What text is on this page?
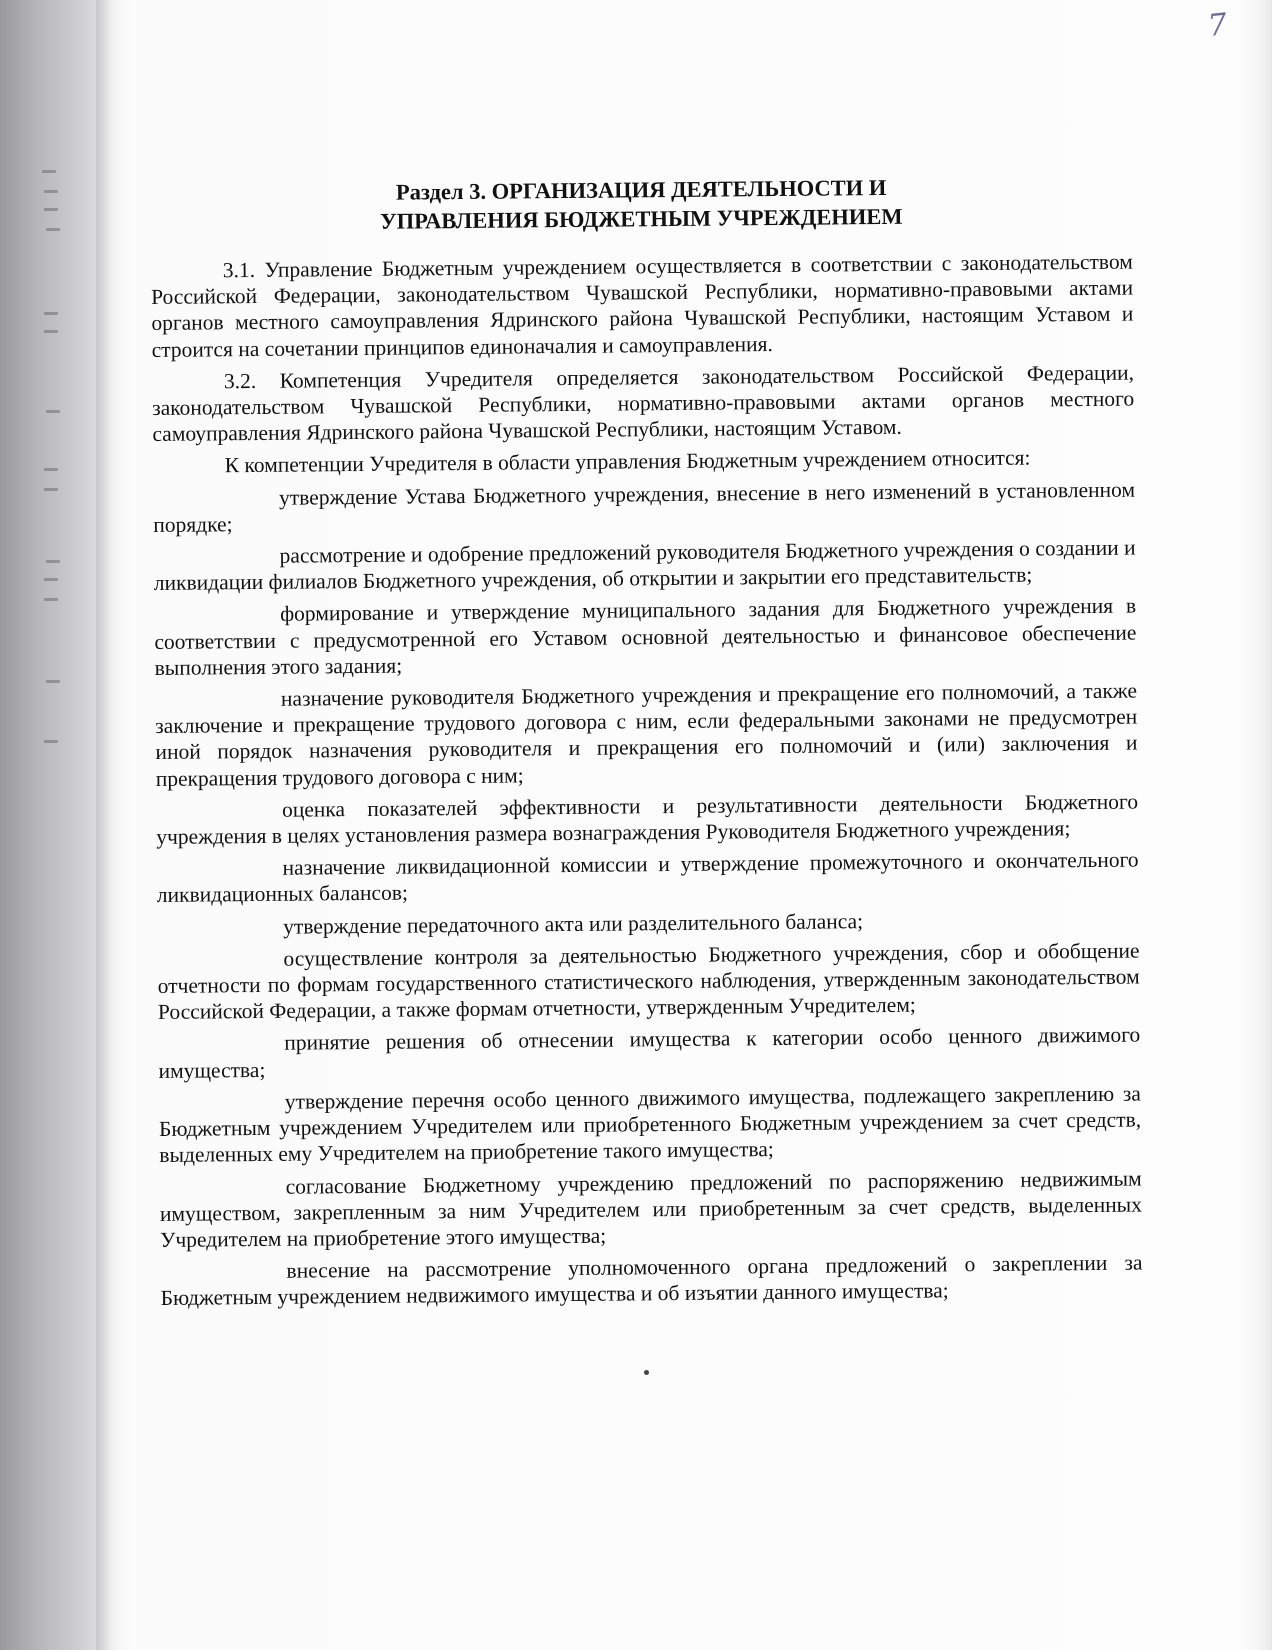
7
Раздел 3. ОРГАНИЗАЦИЯ ДЕЯТЕЛЬНОСТИ И
УПРАВЛЕНИЯ БЮДЖЕТНЫМ УЧРЕЖДЕНИЕМ
3.1. Управление Бюджетным учреждением осуществляется в соответствии с законодательством Российской Федерации, законодательством Чувашской Республики, нормативно-правовыми актами органов местного самоуправления Ядринского района Чувашской Республики, настоящим Уставом и строится на сочетании принципов единоначалия и самоуправления.
3.2. Компетенция Учредителя определяется законодательством Российской Федерации, законодательством Чувашской Республики, нормативно-правовыми актами органов местного самоуправления Ядринского района Чувашской Республики, настоящим Уставом.
К компетенции Учредителя в области управления Бюджетным учреждением относится:
утверждение Устава Бюджетного учреждения, внесение в него изменений в установленном порядке;
рассмотрение и одобрение предложений руководителя Бюджетного учреждения о создании и ликвидации филиалов Бюджетного учреждения, об открытии и закрытии его представительств;
формирование и утверждение муниципального задания для Бюджетного учреждения в соответствии с предусмотренной его Уставом основной деятельностью и финансовое обеспечение выполнения этого задания;
назначение руководителя Бюджетного учреждения и прекращение его полномочий, а также заключение и прекращение трудового договора с ним, если федеральными законами не предусмотрен иной порядок назначения руководителя и прекращения его полномочий и (или) заключения и прекращения трудового договора с ним;
оценка показателей эффективности и результативности деятельности Бюджетного учреждения в целях установления размера вознаграждения Руководителя Бюджетного учреждения;
назначение ликвидационной комиссии и утверждение промежуточного и окончательного ликвидационных балансов;
утверждение передаточного акта или разделительного баланса;
осуществление контроля за деятельностью Бюджетного учреждения, сбор и обобщение отчетности по формам государственного статистического наблюдения, утвержденным законодательством Российской Федерации, а также формам отчетности, утвержденным Учредителем;
принятие решения об отнесении имущества к категории особо ценного движимого имущества;
утверждение перечня особо ценного движимого имущества, подлежащего закреплению за Бюджетным учреждением Учредителем или приобретенного Бюджетным учреждением за счет средств, выделенных ему Учредителем на приобретение такого имущества;
согласование Бюджетному учреждению предложений по распоряжению недвижимым имуществом, закрепленным за ним Учредителем или приобретенным за счет средств, выделенных Учредителем на приобретение этого имущества;
внесение на рассмотрение уполномоченного органа предложений о закреплении за Бюджетным учреждением недвижимого имущества и об изъятии данного имущества;
